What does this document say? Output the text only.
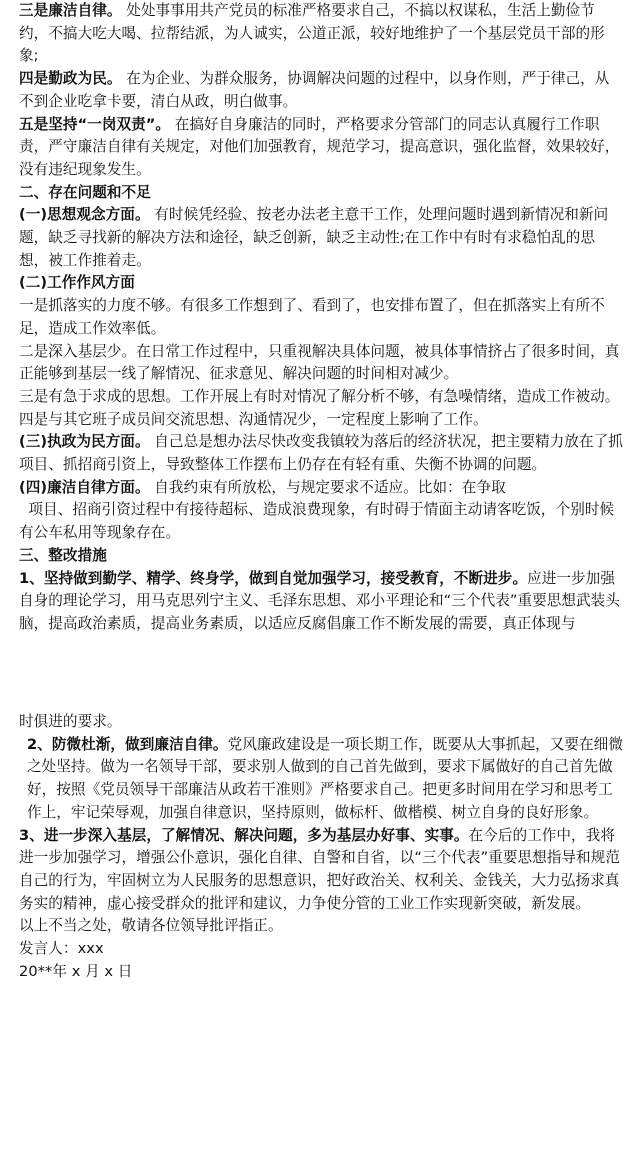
三是廉洁自律。 处处事事用共产党员的标准严格要求自己，不搞以权谋私，生活上勤俭节约，不搞大吃大喝、拉帮结派，为人诚实，公道正派，较好地维护了一个基层党员干部的形象;

四是勤政为民。 在为企业、为群众服务，协调解决问题的过程中，以身作则，严于律己，从不到企业吃拿卡要，清白从政，明白做事。

五是坚持“一岗双责”。 在搞好自身廉洁的同时，严格要求分管部门的同志认真履行工作职责，严守廉洁自律有关规定，对他们加强教育，规范学习，提高意识，强化监督，效果较好，没有违纪现象发生。

二、存在问题和不足

(一)思想观念方面。 有时候凭经验、按老办法老主意干工作，处理问题时遇到新情况和新问题，缺乏寻找新的解决方法和途径，缺乏创新，缺乏主动性;在工作中有时有求稳怕乱的思想，被工作推着走。

(二)工作作风方面

一是抓落实的力度不够。有很多工作想到了、看到了，也安排布置了，但在抓落实上有所不足，造成工作效率低。

二是深入基层少。在日常工作过程中，只重视解决具体问题，被具体事情挤占了很多时间，真正能够到基层一线了解情况、征求意见、解决问题的时间相对减少。

三是有急于求成的思想。工作开展上有时对情况了解分析不够，有急噪情绪，造成工作被动。

四是与其它班子成员间交流思想、沟通情况少，一定程度上影响了工作。

(三)执政为民方面。 自己总是想办法尽快改变我镇较为落后的经济状况，把主要精力放在了抓项目、抓招商引资上，导致整体工作摆布上仍存在有轻有重、失衡不协调的问题。

(四)廉洁自律方面。 自我约束有所放松，与规定要求不适应。比如：在争取

项目、招商引资过程中有接待超标、造成浪费现象，有时碍于情面主动请客吃饭，个别时候有公车私用等现象存在。

三、整改措施

1、坚持做到勤学、精学、终身学，做到自觉加强学习，接受教育，不断进步。应进一步加强自身的理论学习，用马克思列宁主义、毛泽东思想、邓小平理论和“三个代表”重要思想武装头脑，提高政治素质，提高业务素质，以适应反腐倡廉工作不断发展的需要，真正体现与

时俱进的要求。

2、防微杜渐，做到廉洁自律。党风廉政建设是一项长期工作，既要从大事抓起，又要在细微之处坚持。做为一名领导干部，要求别人做到的自己首先做到，要求下属做好的自己首先做好，按照《党员领导干部廉洁从政若干准则》严格要求自己。把更多时间用在学习和思考工作上，牢记荣辱观，加强自律意识，坚持原则，做标杆、做楷模、树立自身的良好形象。

3、进一步深入基层，了解情况、解决问题，多为基层办好事、实事。在今后的工作中，我将进一步加强学习，增强公仆意识，强化自律、自警和自省，以“三个代表”重要思想指导和规范自己的行为，牢固树立为人民服务的思想意识，把好政治关、权利关、金钱关，大力弘扬求真务实的精神，虚心接受群众的批评和建议，力争使分管的工业工作实现新突破，新发展。

以上不当之处，敬请各位领导批评指正。

发言人：xxx

20**年 x 月 x 日
